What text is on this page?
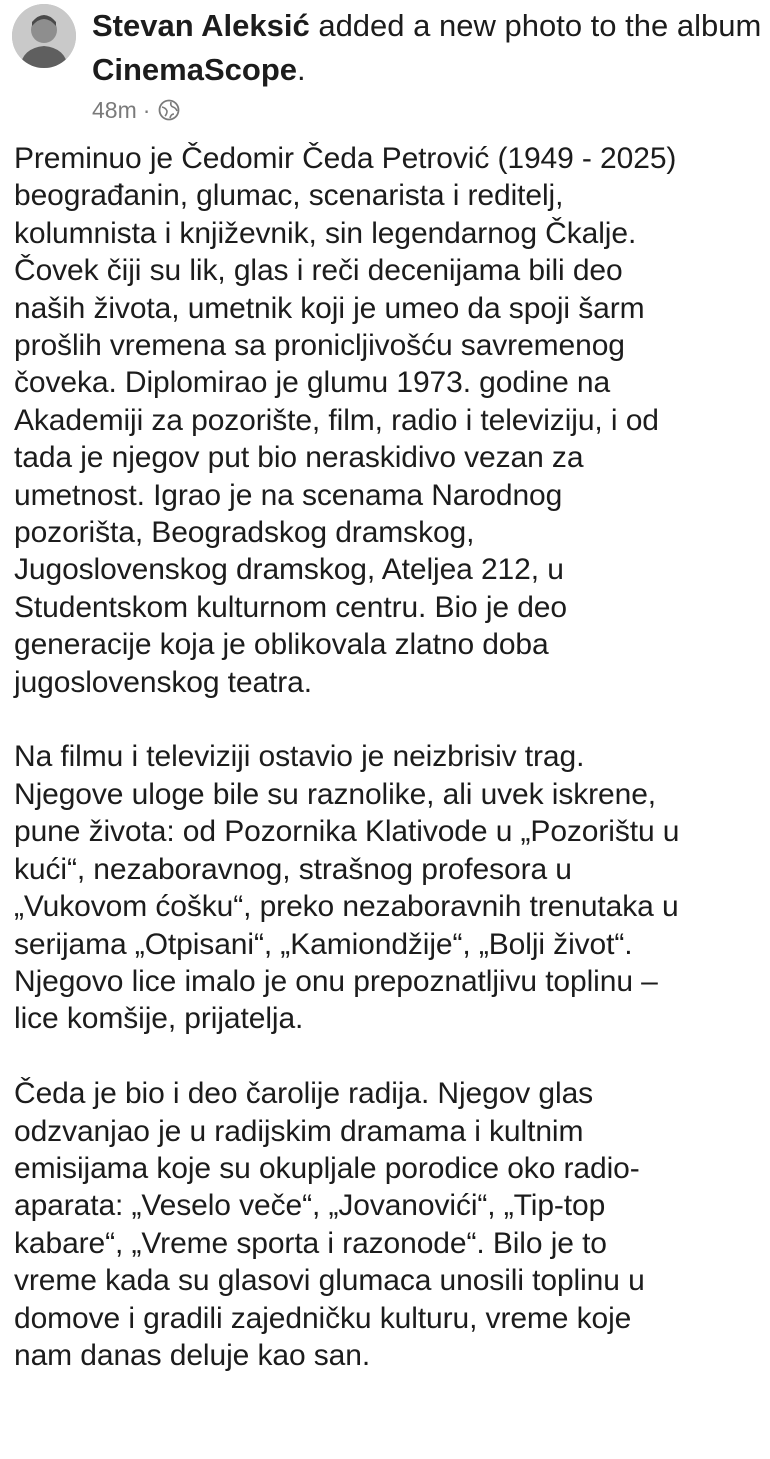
Stevan Aleksić added a new photo to the album CinemaScope.
48m ·

Preminuo je Čedomir Čeda Petrović (1949 - 2025)
beograđanin, glumac, scenarista i reditelj,
kolumnista i književnik, sin legendarnog Čkalje.
Čovek čiji su lik, glas i reči decenijama bili deo
naših života, umetnik koji je umeo da spoji šarm
prošlih vremena sa pronicljivošću savremenog
čoveka. Diplomirao je glumu 1973. godine na
Akademiji za pozorište, film, radio i televiziju, i od
tada je njegov put bio neraskidivo vezan za
umetnost. Igrao je na scenama Narodnog
pozorišta, Beogradskog dramskog,
Jugoslovenskog dramskog, Ateljea 212, u
Studentskom kulturnom centru. Bio je deo
generacije koja je oblikovala zlatno doba
jugoslovenskog teatra.

Na filmu i televiziji ostavio je neizbrisiv trag.
Njegove uloge bile su raznolike, ali uvek iskrene,
pune života: od Pozornika Klativode u „Pozorištu u
kući“, nezaboravnog, strašnog profesora u
„Vukovom ćošku“, preko nezaboravnih trenutaka u
serijama „Otpisani“, „Kamiondžije“, „Bolji život“.
Njegovo lice imalo je onu prepoznatljivu toplinu –
lice komšije, prijatelja.

Čeda je bio i deo čarolije radija. Njegov glas
odzvanjao je u radijskim dramama i kultnim
emisijama koje su okupljale porodice oko radio-
aparata: „Veselo veče“, „Jovanovići“, „Tip-top
kabare“, „Vreme sporta i razonode“. Bilo je to
vreme kada su glasovi glumaca unosili toplinu u
domove i gradili zajedničku kulturu, vreme koje
nam danas deluje kao san.
